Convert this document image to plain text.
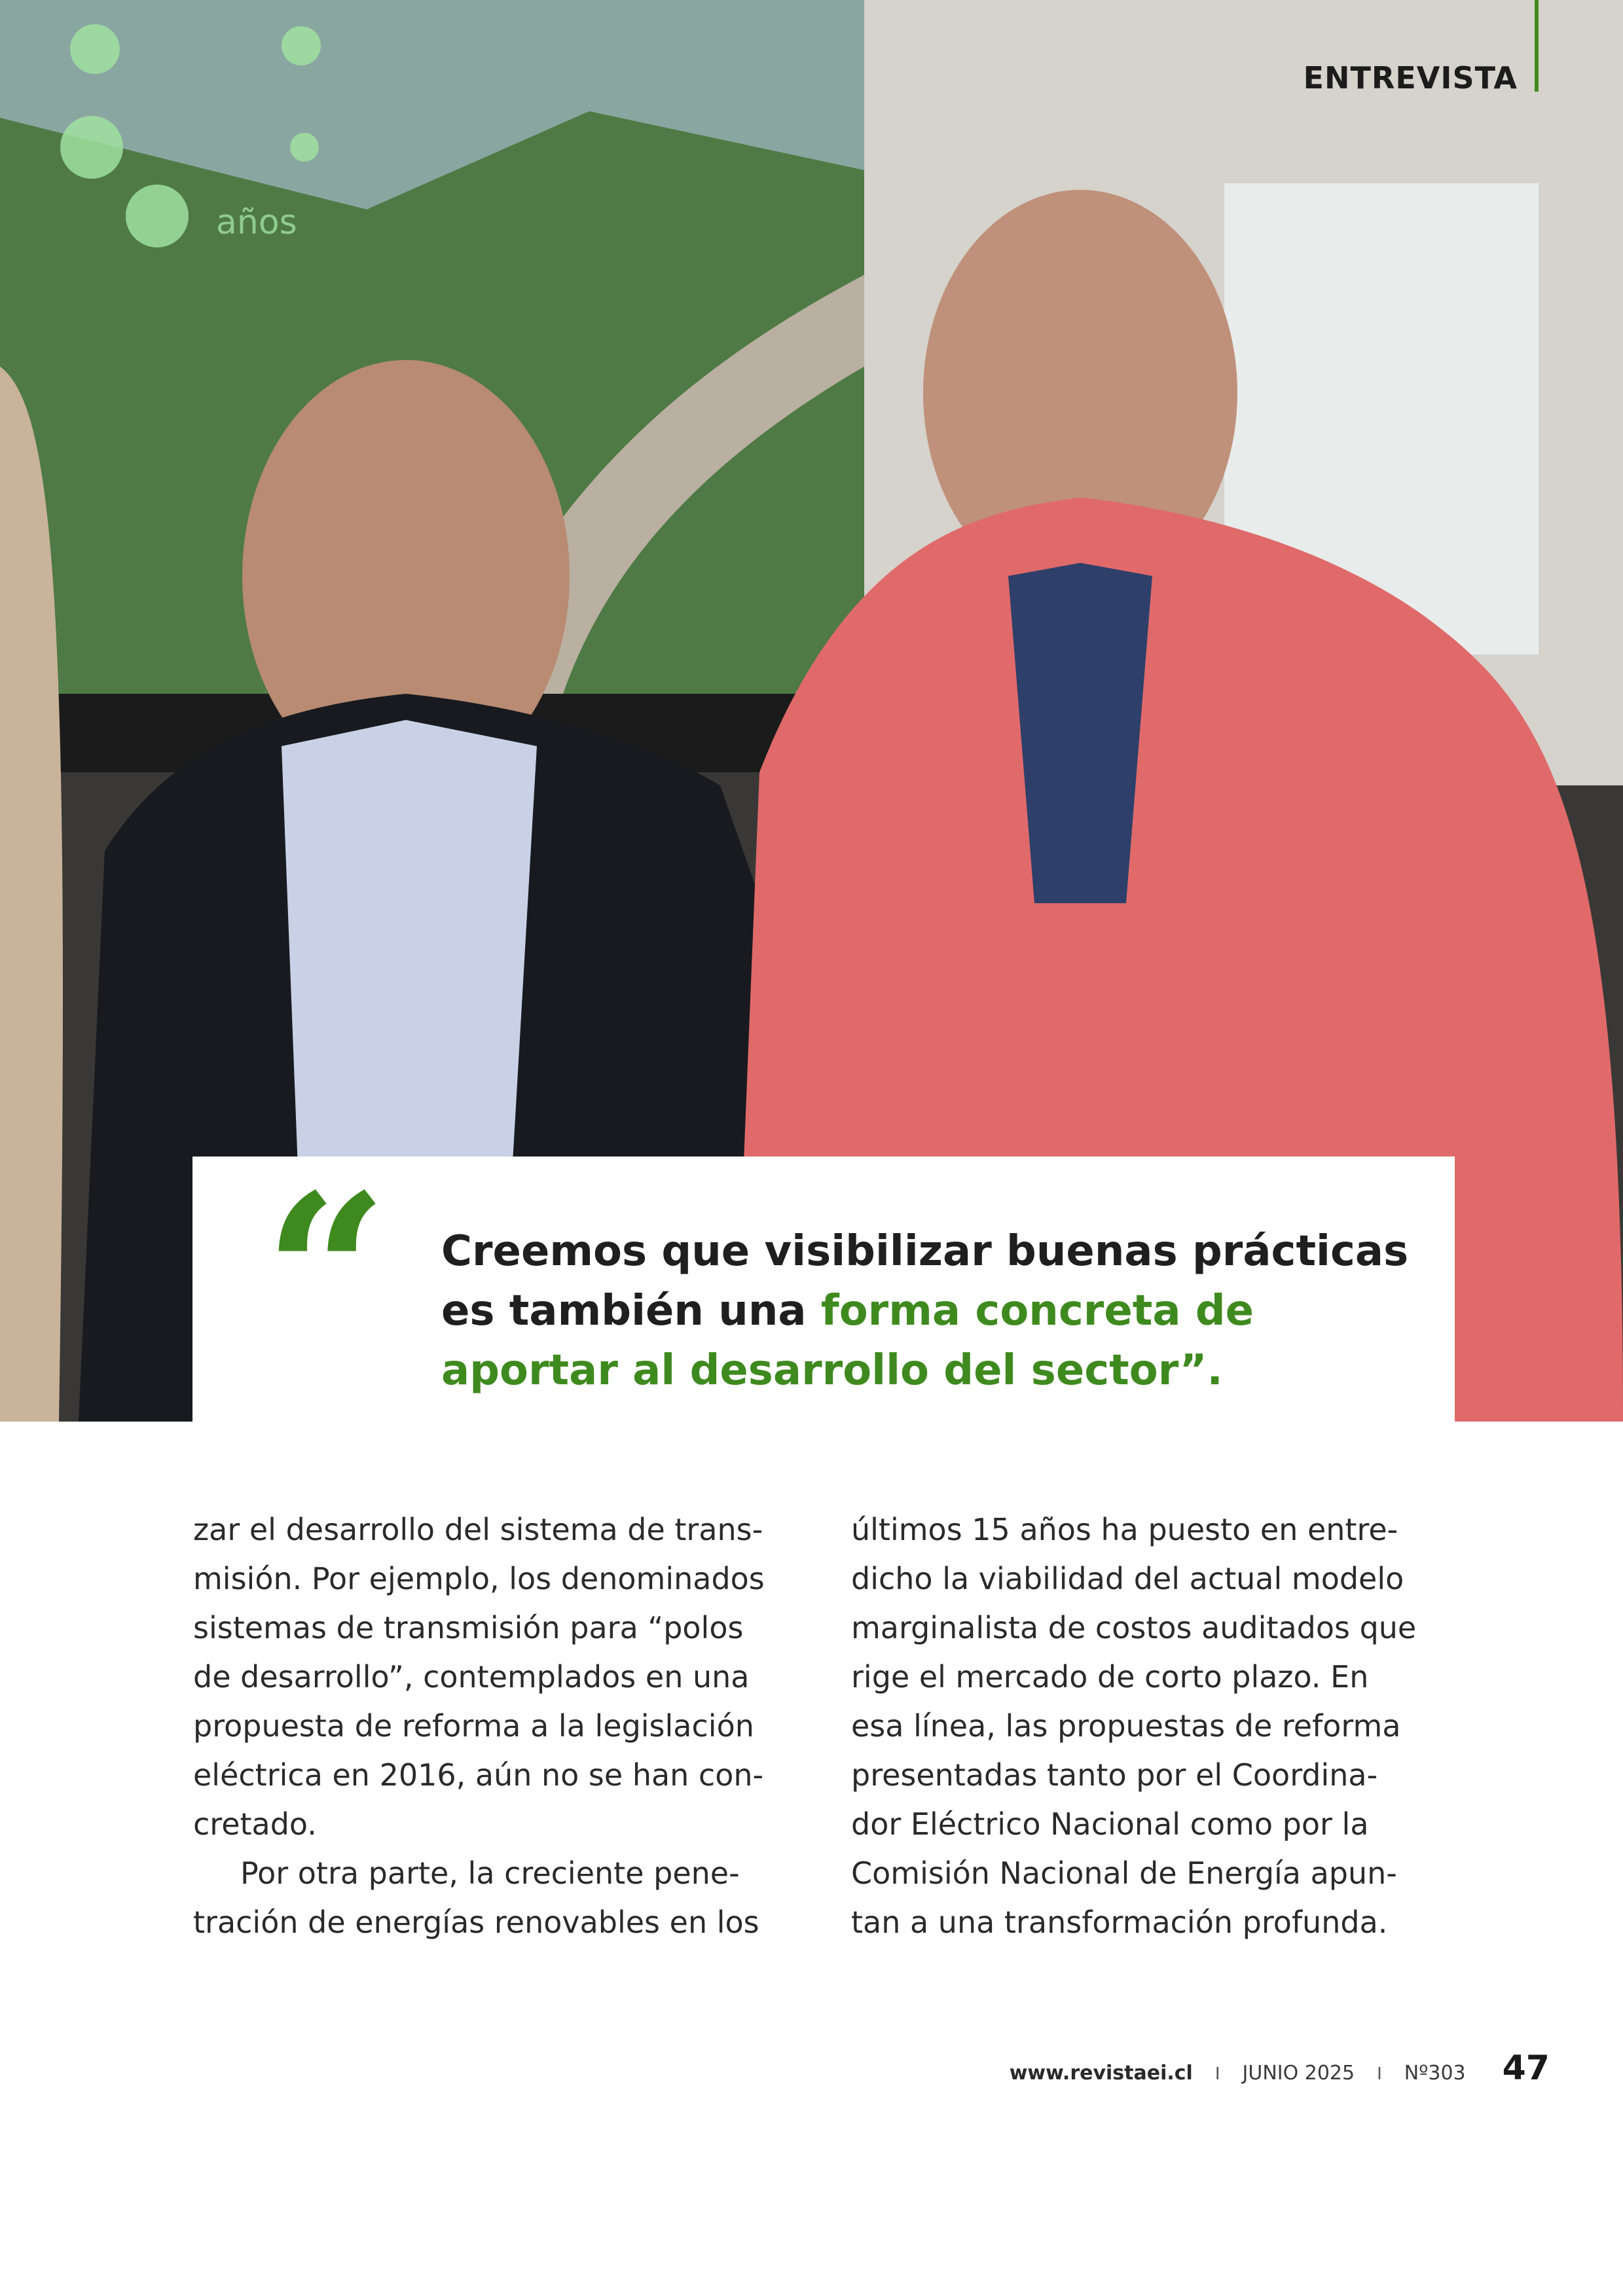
años
ENTREVISTA
“ Creemos que visibilizar buenas prácticas
es también una forma concreta de
aportar al desarrollo del sector”.

zar el desarrollo del sistema de trans-

misión. Por ejemplo, los denominados

sistemas de transmisión para “polos

de desarrollo”, contemplados en una

propuesta de reforma a la legislación

eléctrica en 2016, aún no se han con-

cretado.

Por otra parte, la creciente pene-

tración de energías renovables en los

últimos 15 años ha puesto en entre-

dicho la viabilidad del actual modelo

marginalista de costos auditados que

rige el mercado de corto plazo. En

esa línea, las propuestas de reforma

presentadas tanto por el Coordina-

dor Eléctrico Nacional como por la

Comisión Nacional de Energía apun-

tan a una transformación profunda.

www.revistaei.cl	I	JUNIO 2025	I	Nº303	47
